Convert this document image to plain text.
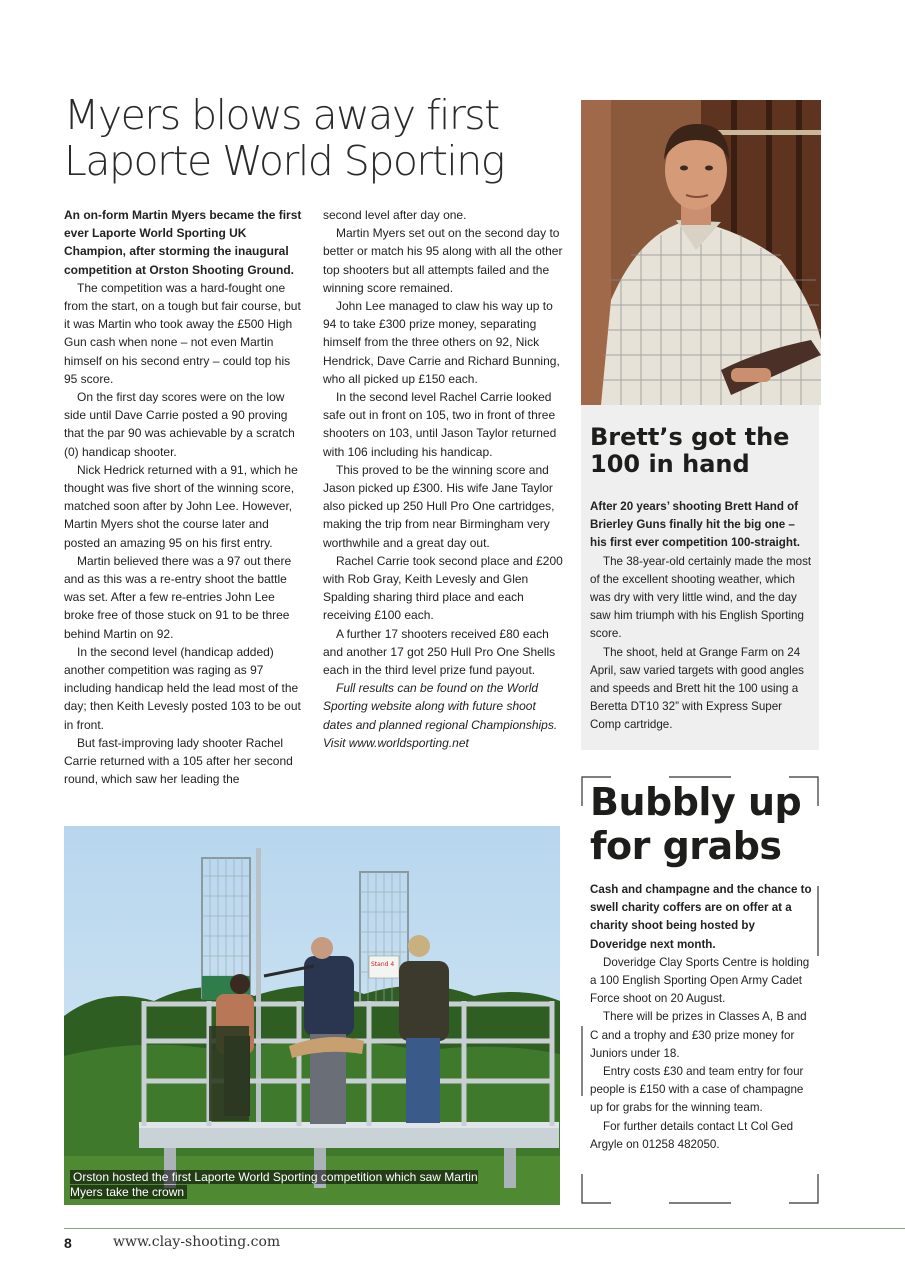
Myers blows away first
Laporte World Sporting

An on-form Martin Myers became the first ever Laporte World Sporting UK Champion, after storming the inaugural competition at Orston Shooting Ground.

The competition was a hard-fought one from the start, on a tough but fair course, but it was Martin who took away the £500 High Gun cash when none – not even Martin himself on his second entry – could top his 95 score.

On the first day scores were on the low side until Dave Carrie posted a 90 proving that the par 90 was achievable by a scratch (0) handicap shooter.

Nick Hedrick returned with a 91, which he thought was five short of the winning score, matched soon after by John Lee. However, Martin Myers shot the course later and posted an amazing 95 on his first entry.

Martin believed there was a 97 out there and as this was a re-entry shoot the battle was set. After a few re-entries John Lee broke free of those stuck on 91 to be three behind Martin on 92.

In the second level (handicap added) another competition was raging as 97 including handicap held the lead most of the day; then Keith Levesly posted 103 to be out in front.

But fast-improving lady shooter Rachel Carrie returned with a 105 after her second round, which saw her leading the

second level after day one.

Martin Myers set out on the second day to better or match his 95 along with all the other top shooters but all attempts failed and the winning score remained.

John Lee managed to claw his way up to 94 to take £300 prize money, separating himself from the three others on 92, Nick Hendrick, Dave Carrie and Richard Bunning, who all picked up £150 each.

In the second level Rachel Carrie looked safe out in front on 105, two in front of three shooters on 103, until Jason Taylor returned with 106 including his handicap.

This proved to be the winning score and Jason picked up £300. His wife Jane Taylor also picked up 250 Hull Pro One cartridges, making the trip from near Birmingham very worthwhile and a great day out.

Rachel Carrie took second place and £200 with Rob Gray, Keith Levesly and Glen Spalding sharing third place and each receiving £100 each.

A further 17 shooters received £80 each and another 17 got 250 Hull Pro One Shells each in the third level prize fund payout.

Full results can be found on the World Sporting website along with future shoot dates and planned regional Championships. Visit www.worldsporting.net

Brett’s got the 100 in hand

After 20 years’ shooting Brett Hand of Brierley Guns finally hit the big one – his first ever competition 100-straight.

The 38-year-old certainly made the most of the excellent shooting weather, which was dry with very little wind, and the day saw him triumph with his English Sporting score.

The shoot, held at Grange Farm on 24 April, saw varied targets with good angles and speeds and Brett hit the 100 using a Beretta DT10 32” with Express Super Comp cartridge.

Bubbly up for grabs

Cash and champagne and the chance to swell charity coffers are on offer at a charity shoot being hosted by Doveridge next month.

Doveridge Clay Sports Centre is holding a 100 English Sporting Open Army Cadet Force shoot on 20 August.

There will be prizes in Classes A, B and C and a trophy and £30 prize money for Juniors under 18.

Entry costs £30 and team entry for four people is £150 with a case of champagne up for grabs for the winning team.

For further details contact Lt Col Ged Argyle on 01258 482050.

Stand 4
Orston hosted the first Laporte World Sporting competition which saw Martin Myers take the crown
8	www.clay-shooting.com
